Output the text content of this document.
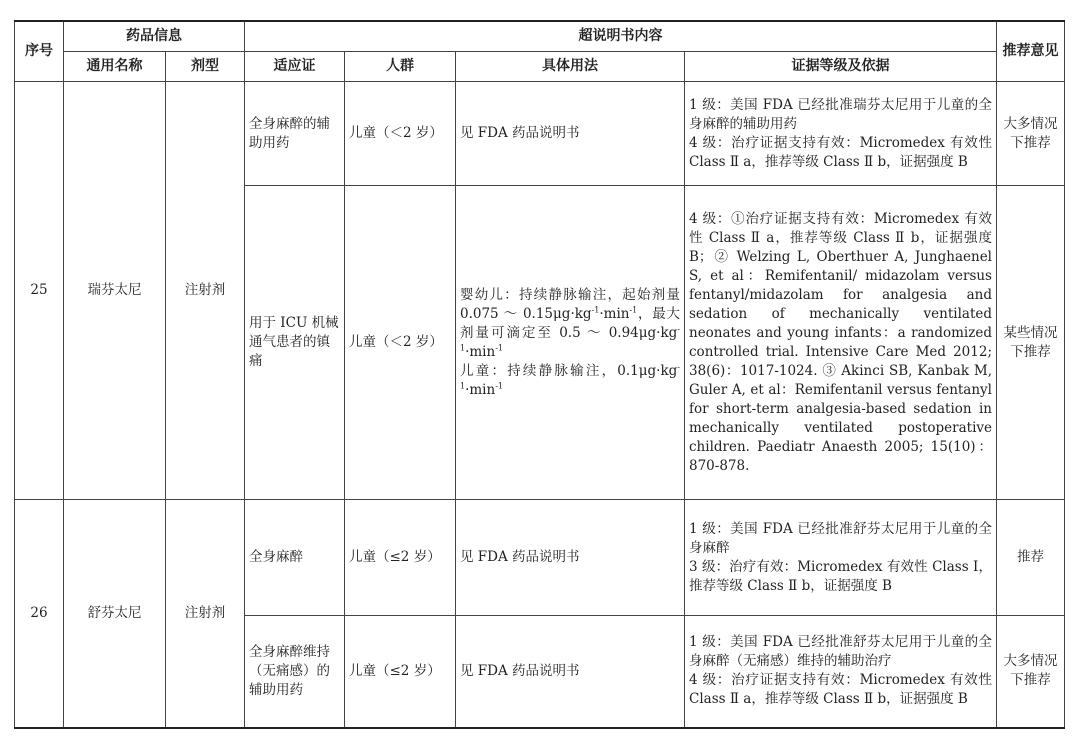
序号	药品信息		超说明书内容				推荐意见
	通用名称	剂型	适应证	人群	具体用法	证据等级及依据	
25	瑞芬太尼	注射剂	全身麻醉的辅助用药	儿童（＜2 岁）	见 FDA 药品说明书	1 级：美国 FDA 已经批准瑞芬太尼用于儿童的全身麻醉的辅助用药
4 级：治疗证据支持有效：Micromedex 有效性 Class Ⅱ a，推荐等级 Class Ⅱ b，证据强度 B	大多情况下推荐
			用于 ICU 机械通气患者的镇痛	儿童（＜2 岁）	婴幼儿：持续静脉输注，起始剂量 0.075 ～ $0.15\mu g\cdot kg^{-1}\cdot\min^{-1}$，最大剂量可滴定至 0.5 ～ $0.94\mu g\cdot kg^{-1}\cdot\min^{-1}$
儿童：持续静脉输注，$0.1\mu g\cdot kg^{-1}\cdot\min^{-1}$	4 级：①治疗证据支持有效：Micromedex 有效性 Class Ⅱ a，推荐等级 Class Ⅱ b，证据强度 B；② Welzing L, Oberthuer A, Junghaenel S, et al：Remifentanil/ midazolam versus fentanyl/midazolam for analgesia and sedation of mechanically ventilated neonates and young infants：a randomized controlled trial. Intensive Care Med 2012; 38(6)：1017-1024. ③ Akinci SB, Kanbak M, Guler A, et al：Remifentanil versus fentanyl for short-term analgesia-based sedation in mechanically ventilated postoperative children. Paediatr Anaesth 2005; 15(10)：870-878.	某些情况下推荐
26	舒芬太尼	注射剂	全身麻醉	儿童（≤2 岁）	见 FDA 药品说明书	1 级：美国 FDA 已经批准舒芬太尼用于儿童的全身麻醉
3 级：治疗有效：Micromedex 有效性 Class Ⅰ，推荐等级 Class Ⅱ b，证据强度 B	推荐
			全身麻醉维持（无痛感）的辅助用药	儿童（≤2 岁）	见 FDA 药品说明书	1 级：美国 FDA 已经批准舒芬太尼用于儿童的全身麻醉（无痛感）维持的辅助治疗
4 级：治疗证据支持有效：Micromedex 有效性 Class Ⅱ a，推荐等级 Class Ⅱ b，证据强度 B	大多情况下推荐
